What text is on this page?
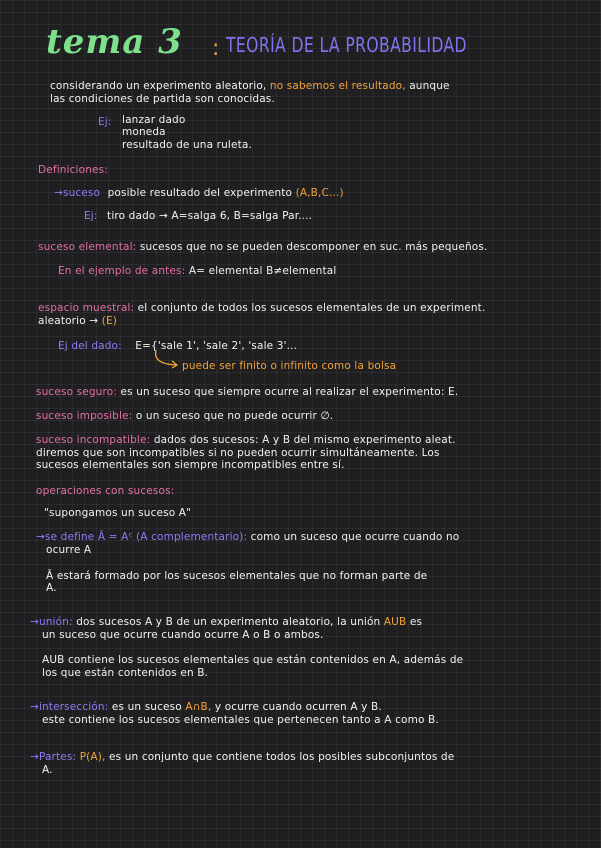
tema 3 : TEORÍA DE LA PROBABILIDAD
considerando un experimento aleatorio, no sabemos el resultado, aunque
las condiciones de partida son conocidas.
Ej: lanzar dado
moneda
resultado de una ruleta.
Definiciones:
→suceso posible resultado del experimento (A,B,C...)
Ej: tiro dado → A=salga 6, B=salga Par....
suceso elemental: sucesos que no se pueden descomponer en suc. más pequeños.
En el ejemplo de antes: A= elemental B≠elemental
espacio muestral: el conjunto de todos los sucesos elementales de un experiment.
aleatorio → (E)
Ej del dado: E={'sale 1', 'sale 2', 'sale 3'...
puede ser finito o infinito como la bolsa
suceso seguro: es un suceso que siempre ocurre al realizar el experimento: E.
suceso imposible: o un suceso que no puede ocurrir ∅.
suceso incompatible: dados dos sucesos: A y B del mismo experimento aleat.
diremos que son incompatibles si no pueden ocurrir simultáneamente. Los
sucesos elementales son siempre incompatibles entre sí.
operaciones con sucesos:
"supongamos un suceso A"
→se define Ā = Aᶜ (A complementario): como un suceso que ocurre cuando no
ocurre A
Ā estará formado por los sucesos elementales que no forman parte de
A.
→unión: dos sucesos A y B de un experimento aleatorio, la unión AUB es
un suceso que ocurre cuando ocurre A o B o ambos.
AUB contiene los sucesos elementales que están contenidos en A, además de
los que están contenidos en B.
→intersección: es un suceso A∩B, y ocurre cuando ocurren A y B.
este contiene los sucesos elementales que pertenecen tanto a A como B.
→Partes: P(A), es un conjunto que contiene todos los posibles subconjuntos de
A.
